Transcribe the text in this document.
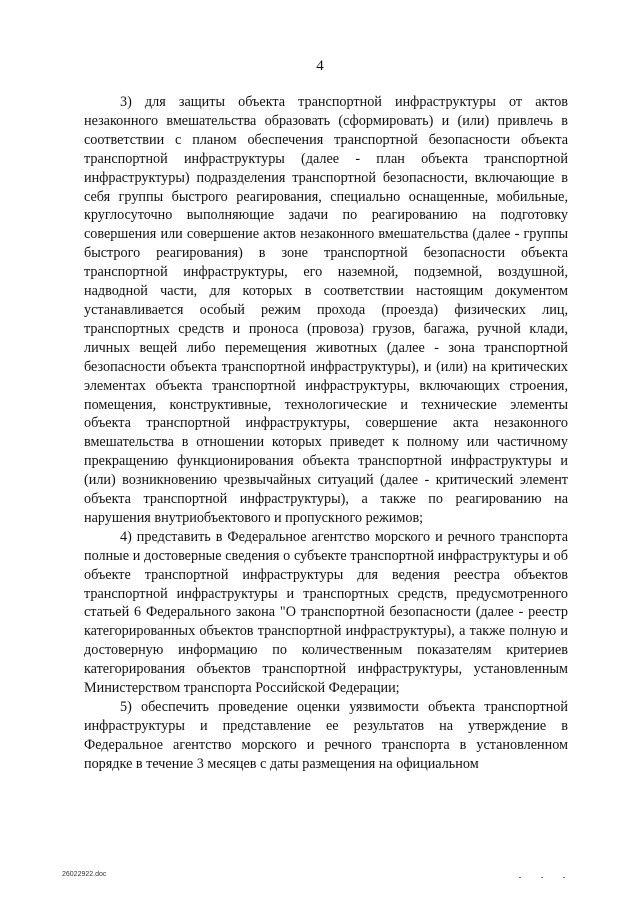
4

3) для защиты объекта транспортной инфраструктуры от актов незаконного вмешательства образовать (сформировать) и (или) привлечь в соответствии с планом обеспечения транспортной безопасности объекта транспортной инфраструктуры (далее - план объекта транспортной инфраструктуры) подразделения транспортной безопасности, включающие в себя группы быстрого реагирования, специально оснащенные, мобильные, круглосуточно выполняющие задачи по реагированию на подготовку совершения или совершение актов незаконного вмешательства (далее - группы быстрого реагирования) в зоне транспортной безопасности объекта транспортной инфраструктуры, его наземной, подземной, воздушной, надводной части, для которых в соответствии настоящим документом устанавливается особый режим прохода (проезда) физических лиц, транспортных средств и проноса (провоза) грузов, багажа, ручной клади, личных вещей либо перемещения животных (далее - зона транспортной безопасности объекта транспортной инфраструктуры), и (или) на критических элементах объекта транспортной инфраструктуры, включающих строения, помещения, конструктивные, технологические и технические элементы объекта транспортной инфраструктуры, совершение акта незаконного вмешательства в отношении которых приведет к полному или частичному прекращению функционирования объекта транспортной инфраструктуры и (или) возникновению чрезвычайных ситуаций (далее - критический элемент объекта транспортной инфраструктуры), а также по реагированию на нарушения внутриобъектового и пропускного режимов;

4) представить в Федеральное агентство морского и речного транспорта полные и достоверные сведения о субъекте транспортной инфраструктуры и об объекте транспортной инфраструктуры для ведения реестра объектов транспортной инфраструктуры и транспортных средств, предусмотренного статьей 6 Федерального закона "О транспортной безопасности (далее - реестр категорированных объектов транспортной инфраструктуры), а также полную и достоверную информацию по количественным показателям критериев категорирования объектов транспортной инфраструктуры, установленным Министерством транспорта Российской Федерации;

5) обеспечить проведение оценки уязвимости объекта транспортной инфраструктуры и представление ее результатов на утверждение в Федеральное агентство морского и речного транспорта в установленном порядке в течение 3 месяцев с даты размещения на официальном

26022922.doc
